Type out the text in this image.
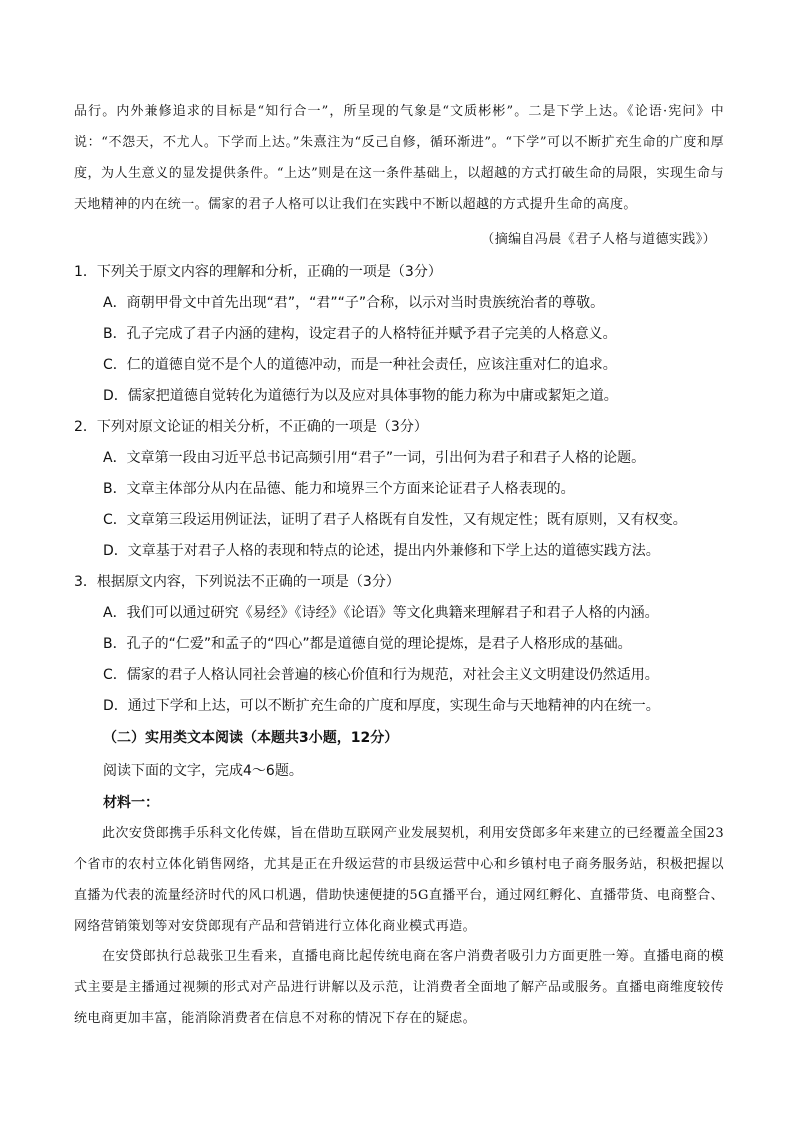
品行。内外兼修追求的目标是“知行合一”，所呈现的气象是“文质彬彬”。二是下学上达。《论语·宪问》中说：“不怨天，不尤人。下学而上达。”朱熹注为“反己自修，循环渐进”。“下学”可以不断扩充生命的广度和厚度，为人生意义的显发提供条件。“上达”则是在这一条件基础上，以超越的方式打破生命的局限，实现生命与天地精神的内在统一。儒家的君子人格可以让我们在实践中不断以超越的方式提升生命的高度。
（摘编自冯晨《君子人格与道德实践》）
1．下列关于原文内容的理解和分析，正确的一项是（3分）
A．商朝甲骨文中首先出现“君”，“君”“子”合称，以示对当时贵族统治者的尊敬。
B．孔子完成了君子内涵的建构，设定君子的人格特征并赋予君子完美的人格意义。
C．仁的道德自觉不是个人的道德冲动，而是一种社会责任，应该注重对仁的追求。
D．儒家把道德自觉转化为道德行为以及应对具体事物的能力称为中庸或絜矩之道。
2．下列对原文论证的相关分析，不正确的一项是（3分）
A．文章第一段由习近平总书记高频引用“君子”一词，引出何为君子和君子人格的论题。
B．文章主体部分从内在品德、能力和境界三个方面来论证君子人格表现的。
C．文章第三段运用例证法，证明了君子人格既有自发性，又有规定性；既有原则，又有权变。
D．文章基于对君子人格的表现和特点的论述，提出内外兼修和下学上达的道德实践方法。
3．根据原文内容，下列说法不正确的一项是（3分）
A．我们可以通过研究《易经》《诗经》《论语》等文化典籍来理解君子和君子人格的内涵。
B．孔子的“仁爱”和孟子的“四心”都是道德自觉的理论提炼，是君子人格形成的基础。
C．儒家的君子人格认同社会普遍的核心价值和行为规范，对社会主义文明建设仍然适用。
D．通过下学和上达，可以不断扩充生命的广度和厚度，实现生命与天地精神的内在统一。
（二）实用类文本阅读（本题共3小题，12分）
阅读下面的文字，完成4～6题。
材料一：
此次安贷郎携手乐科文化传媒，旨在借助互联网产业发展契机，利用安贷郎多年来建立的已经覆盖全国23个省市的农村立体化销售网络，尤其是正在升级运营的市县级运营中心和乡镇村电子商务服务站，积极把握以直播为代表的流量经济时代的风口机遇，借助快速便捷的5G直播平台，通过网红孵化、直播带货、电商整合、网络营销策划等对安贷郎现有产品和营销进行立体化商业模式再造。
在安贷郎执行总裁张卫生看来，直播电商比起传统电商在客户消费者吸引力方面更胜一筹。直播电商的模式主要是主播通过视频的形式对产品进行讲解以及示范，让消费者全面地了解产品或服务。直播电商维度较传统电商更加丰富，能消除消费者在信息不对称的情况下存在的疑虑。
